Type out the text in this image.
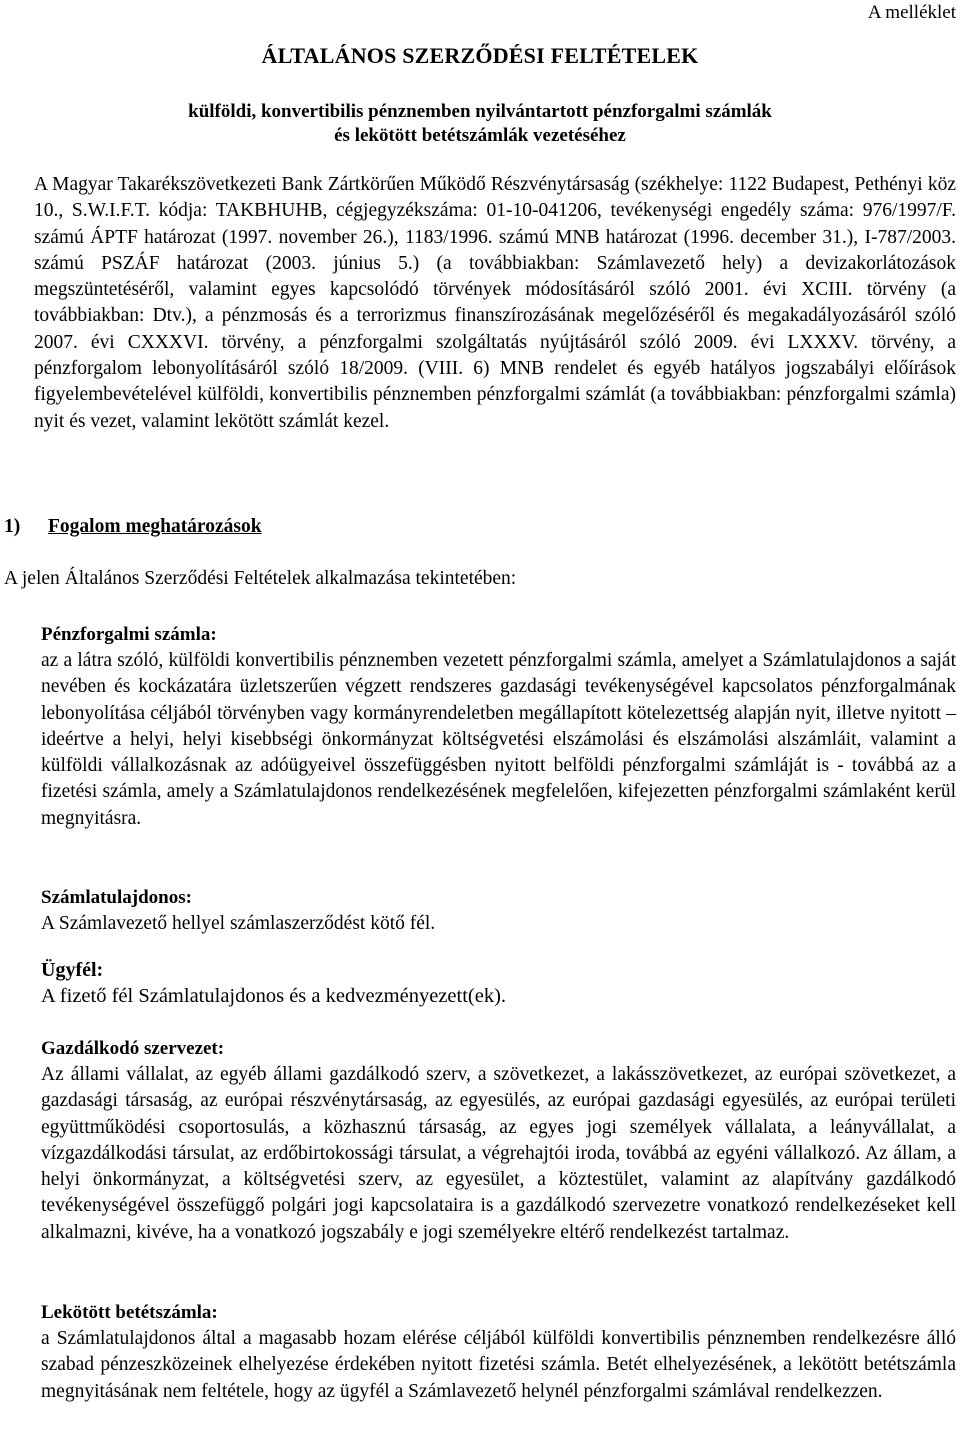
A melléklet
ÁLTALÁNOS SZERZŐDÉSI FELTÉTELEK
külföldi, konvertibilis pénznemben nyilvántartott pénzforgalmi számlák
és lekötött betétszámlák vezetéséhez
A Magyar Takarékszövetkezeti Bank Zártkörűen Működő Részvénytársaság (székhelye: 1122 Budapest, Pethényi köz 10., S.W.I.F.T. kódja: TAKBHUHB, cégjegyzékszáma: 01-10-041206, tevékenységi engedély száma: 976/1997/F. számú ÁPTF határozat (1997. november 26.), 1183/1996. számú MNB határozat (1996. december 31.), I-787/2003. számú PSZÁF határozat (2003. június 5.) (a továbbiakban: Számlavezető hely) a devizakorlátozások megszüntetéséről, valamint egyes kapcsolódó törvények módosításáról szóló 2001. évi XCIII. törvény (a továbbiakban: Dtv.), a pénzmosás és a terrorizmus finanszírozásának megelőzéséről és megakadályozásáról szóló 2007. évi CXXXVI. törvény, a pénzforgalmi szolgáltatás nyújtásáról szóló 2009. évi LXXXV. törvény, a pénzforgalom lebonyolításáról szóló 18/2009. (VIII. 6) MNB rendelet és egyéb hatályos jogszabályi előírások figyelembevételével külföldi, konvertibilis pénznemben pénzforgalmi számlát (a továbbiakban: pénzforgalmi számla) nyit és vezet, valamint lekötött számlát kezel.
1) Fogalom meghatározások
A jelen Általános Szerződési Feltételek alkalmazása tekintetében:
Pénzforgalmi számla:
az a látra szóló, külföldi konvertibilis pénznemben vezetett pénzforgalmi számla, amelyet a Számlatulajdonos a saját nevében és kockázatára üzletszerűen végzett rendszeres gazdasági tevékenységével kapcsolatos pénzforgalmának lebonyolítása céljából törvényben vagy kormányrendeletben megállapított kötelezettség alapján nyit, illetve nyitott – ideértve a helyi, helyi kisebbségi önkormányzat költségvetési elszámolási és elszámolási alszámláit, valamint a külföldi vállalkozásnak az adóügyeivel összefüggésben nyitott belföldi pénzforgalmi számláját is - továbbá az a fizetési számla, amely a Számlatulajdonos rendelkezésének megfelelően, kifejezetten pénzforgalmi számlaként kerül megnyitásra.
Számlatulajdonos:
A Számlavezető hellyel számlaszerződést kötő fél.
Ügyfél:
A fizető fél Számlatulajdonos és a kedvezményezett(ek).
Gazdálkodó szervezet:
Az állami vállalat, az egyéb állami gazdálkodó szerv, a szövetkezet, a lakásszövetkezet, az európai szövetkezet, a gazdasági társaság, az európai részvénytársaság, az egyesülés, az európai gazdasági egyesülés, az európai területi együttműködési csoportosulás, a közhasznú társaság, az egyes jogi személyek vállalata, a leányvállalat, a vízgazdálkodási társulat, az erdőbirtokossági társulat, a végrehajtói iroda, továbbá az egyéni vállalkozó. Az állam, a helyi önkormányzat, a költségvetési szerv, az egyesület, a köztestület, valamint az alapítvány gazdálkodó tevékenységével összefüggő polgári jogi kapcsolataira is a gazdálkodó szervezetre vonatkozó rendelkezéseket kell alkalmazni, kivéve, ha a vonatkozó jogszabály e jogi személyekre eltérő rendelkezést tartalmaz.
Lekötött betétszámla:
a Számlatulajdonos által a magasabb hozam elérése céljából külföldi konvertibilis pénznemben rendelkezésre álló szabad pénzeszközeinek elhelyezése érdekében nyitott fizetési számla. Betét elhelyezésének, a lekötött betétszámla megnyitásának nem feltétele, hogy az ügyfél a Számlavezető helynél pénzforgalmi számlával rendelkezzen.
